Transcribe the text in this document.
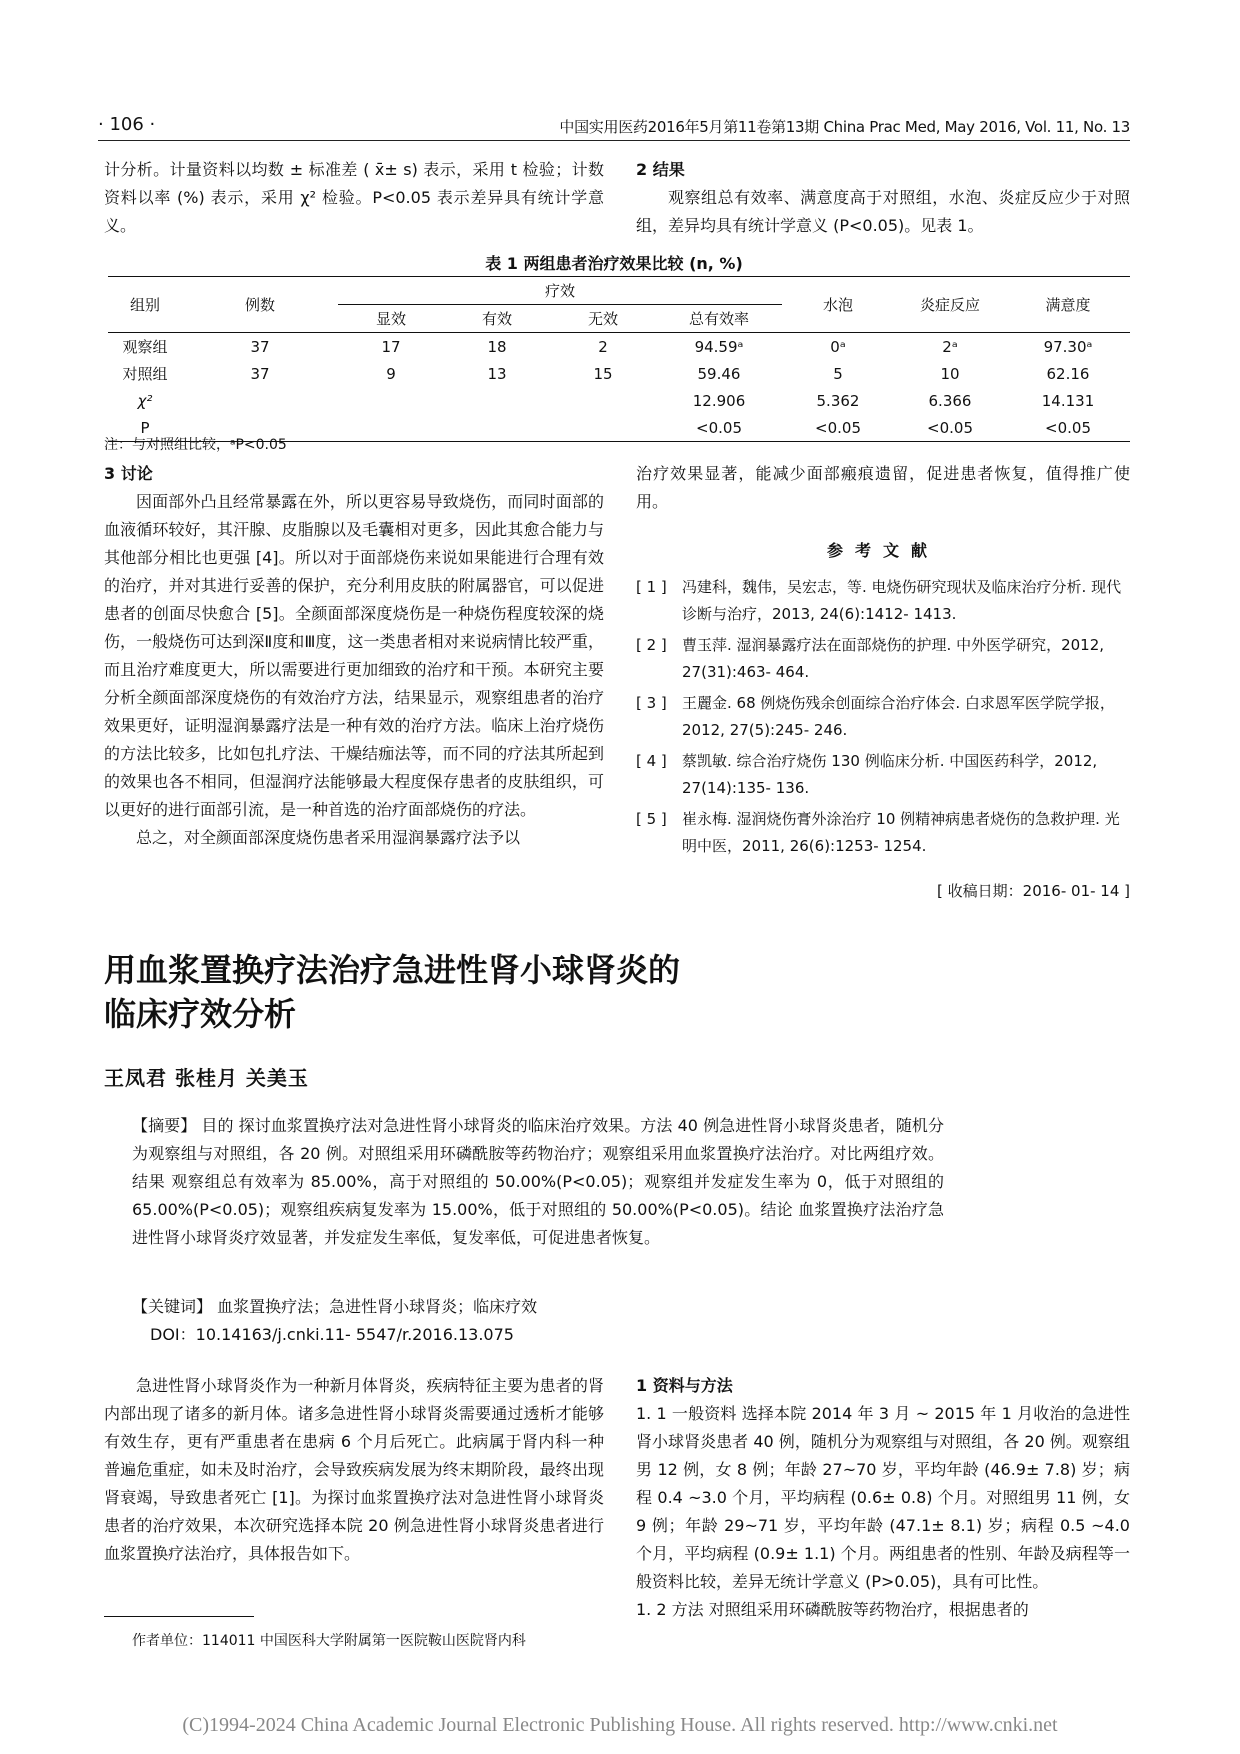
· 106 ·	中国实用医药2016年5月第11卷第13期 China Prac Med, May 2016, Vol. 11, No. 13

计分析。计量资料以均数 ± 标准差 ( x̄± s) 表示，采用 t 检验；计数资料以率 (%) 表示，采用 χ² 检验。P<0.05 表示差异具有统计学意义。

2 结果

观察组总有效率、满意度高于对照组，水泡、炎症反应少于对照组，差异均具有统计学意义 (P<0.05)。见表 1。

表 1 两组患者治疗效果比较 (n, %)
组别	例数	疗效				水泡	炎症反应	满意度
		显效	有效	无效	总有效率			
观察组	37	17	18	2	94.59ᵃ	0ᵃ	2ᵃ	97.30ᵃ
对照组	37	9	13	15	59.46	5	10	62.16
χ²					12.906	5.362	6.366	14.131
P					<0.05	<0.05	<0.05	<0.05
注：与对照组比较，ᵃP<0.05

3 讨论

因面部外凸且经常暴露在外，所以更容易导致烧伤，而同时面部的血液循环较好，其汗腺、皮脂腺以及毛囊相对更多，因此其愈合能力与其他部分相比也更强 [4]。所以对于面部烧伤来说如果能进行合理有效的治疗，并对其进行妥善的保护，充分利用皮肤的附属器官，可以促进患者的创面尽快愈合 [5]。全颜面部深度烧伤是一种烧伤程度较深的烧伤，一般烧伤可达到深Ⅱ度和Ⅲ度，这一类患者相对来说病情比较严重，而且治疗难度更大，所以需要进行更加细致的治疗和干预。本研究主要分析全颜面部深度烧伤的有效治疗方法，结果显示，观察组患者的治疗效果更好，证明湿润暴露疗法是一种有效的治疗方法。临床上治疗烧伤的方法比较多，比如包扎疗法、干燥结痂法等，而不同的疗法其所起到的效果也各不相同，但湿润疗法能够最大程度保存患者的皮肤组织，可以更好的进行面部引流，是一种首选的治疗面部烧伤的疗法。

总之，对全颜面部深度烧伤患者采用湿润暴露疗法予以

治疗效果显著，能减少面部瘢痕遗留，促进患者恢复，值得推广使用。

参考文献
[ 1 ]	冯建科，魏伟，吴宏志，等. 电烧伤研究现状及临床治疗分析. 现代诊断与治疗，2013, 24(6):1412- 1413.
[ 2 ]	曹玉萍. 湿润暴露疗法在面部烧伤的护理. 中外医学研究，2012, 27(31):463- 464.
[ 3 ]	王麗金. 68 例烧伤残余创面综合治疗体会. 白求恩军医学院学报，2012, 27(5):245- 246.
[ 4 ]	蔡凯敏. 综合治疗烧伤 130 例临床分析. 中国医药科学，2012, 27(14):135- 136.
[ 5 ]	崔永梅. 湿润烧伤膏外涂治疗 10 例精神病患者烧伤的急救护理. 光明中医，2011, 26(6):1253- 1254.
[ 收稿日期：2016- 01- 14 ]
用血浆置换疗法治疗急进性肾小球肾炎的
临床疗效分析
王凤君 张桂月 关美玉

【摘要】 目的 探讨血浆置换疗法对急进性肾小球肾炎的临床治疗效果。方法 40 例急进性肾小球肾炎患者，随机分为观察组与对照组，各 20 例。对照组采用环磷酰胺等药物治疗；观察组采用血浆置换疗法治疗。对比两组疗效。结果 观察组总有效率为 85.00%，高于对照组的 50.00%(P<0.05)；观察组并发症发生率为 0，低于对照组的 65.00%(P<0.05)；观察组疾病复发率为 15.00%，低于对照组的 50.00%(P<0.05)。结论 血浆置换疗法治疗急进性肾小球肾炎疗效显著，并发症发生率低，复发率低，可促进患者恢复。

【关键词】 血浆置换疗法；急进性肾小球肾炎；临床疗效
DOI：10.14163/j.cnki.11- 5547/r.2016.13.075

急进性肾小球肾炎作为一种新月体肾炎，疾病特征主要为患者的肾内部出现了诸多的新月体。诸多急进性肾小球肾炎需要通过透析才能够有效生存，更有严重患者在患病 6 个月后死亡。此病属于肾内科一种普遍危重症，如未及时治疗，会导致疾病发展为终末期阶段，最终出现肾衰竭，导致患者死亡 [1]。为探讨血浆置换疗法对急进性肾小球肾炎患者的治疗效果，本次研究选择本院 20 例急进性肾小球肾炎患者进行血浆置换疗法治疗，具体报告如下。

1 资料与方法

1. 1 一般资料 选择本院 2014 年 3 月 ~ 2015 年 1 月收治的急进性肾小球肾炎患者 40 例，随机分为观察组与对照组，各 20 例。观察组男 12 例，女 8 例；年龄 27~70 岁，平均年龄 (46.9± 7.8) 岁；病程 0.4 ~3.0 个月，平均病程 (0.6± 0.8) 个月。对照组男 11 例，女 9 例；年龄 29~71 岁，平均年龄 (47.1± 8.1) 岁；病程 0.5 ~4.0 个月，平均病程 (0.9± 1.1) 个月。两组患者的性别、年龄及病程等一般资料比较，差异无统计学意义 (P>0.05)，具有可比性。

1. 2 方法 对照组采用环磷酰胺等药物治疗，根据患者的

作者单位：114011 中国医科大学附属第一医院鞍山医院肾内科
(C)1994-2024 China Academic Journal Electronic Publishing House. All rights reserved. http://www.cnki.net
